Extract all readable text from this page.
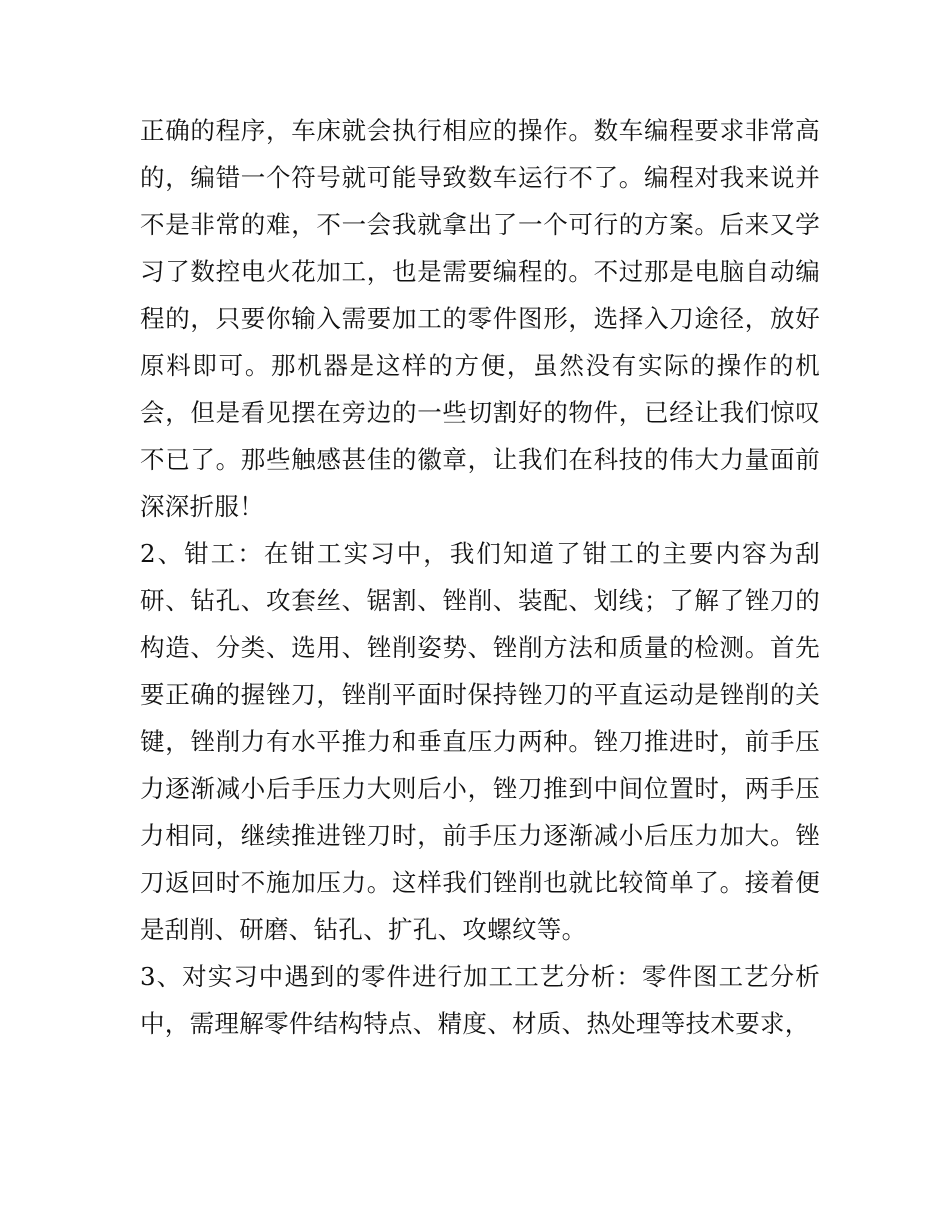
正确的程序，车床就会执行相应的操作。数车编程要求非常高的，编错一个符号就可能导致数车运行不了。编程对我来说并不是非常的难，不一会我就拿出了一个可行的方案。后来又学习了数控电火花加工，也是需要编程的。不过那是电脑自动编程的，只要你输入需要加工的零件图形，选择入刀途径，放好原料即可。那机器是这样的方便，虽然没有实际的操作的机会，但是看见摆在旁边的一些切割好的物件，已经让我们惊叹不已了。那些触感甚佳的徽章，让我们在科技的伟大力量面前深深折服！

2、钳工：在钳工实习中，我们知道了钳工的主要内容为刮研、钻孔、攻套丝、锯割、锉削、装配、划线；了解了锉刀的构造、分类、选用、锉削姿势、锉削方法和质量的检测。首先要正确的握锉刀，锉削平面时保持锉刀的平直运动是锉削的关键，锉削力有水平推力和垂直压力两种。锉刀推进时，前手压力逐渐减小后手压力大则后小，锉刀推到中间位置时，两手压力相同，继续推进锉刀时，前手压力逐渐减小后压力加大。锉刀返回时不施加压力。这样我们锉削也就比较简单了。接着便是刮削、研磨、钻孔、扩孔、攻螺纹等。

3、对实习中遇到的零件进行加工工艺分析：零件图工艺分析中，需理解零件结构特点、精度、材质、热处理等技术要求，
